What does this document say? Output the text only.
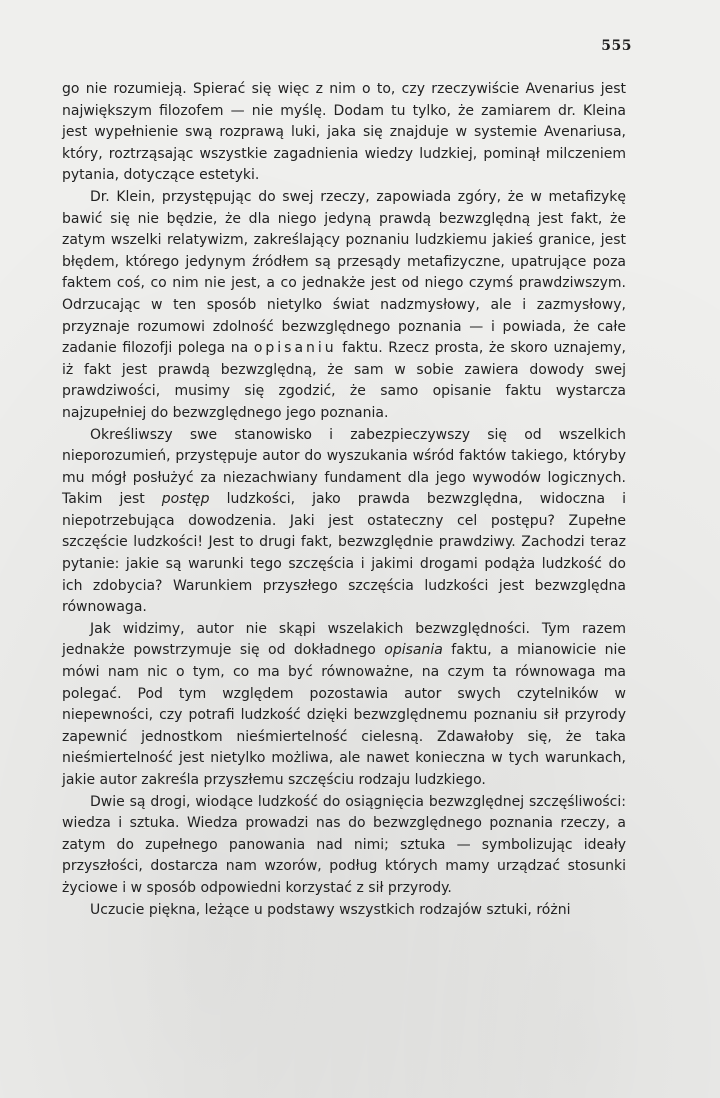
555

go nie rozumieją. Spierać się więc z nim o to, czy rzeczywiście Avenarius jest największym filozofem — nie myślę. Dodam tu tylko, że zamiarem dr. Kleina jest wypełnienie swą rozprawą luki, jaka się znajduje w systemie Avenariusa, który, roztrząsając wszystkie zagadnienia wiedzy ludzkiej, pominął milczeniem pytania, dotyczące estetyki.

Dr. Klein, przystępując do swej rzeczy, zapowiada zgóry, że w metafizykę bawić się nie będzie, że dla niego jedyną prawdą bezwzględną jest fakt, że zatym wszelki relatywizm, zakreślający poznaniu ludzkiemu jakieś granice, jest błędem, którego jedynym źródłem są przesądy metafizyczne, upatrujące poza faktem coś, co nim nie jest, a co jednakże jest od niego czymś prawdziwszym. Odrzucając w ten sposób nietylko świat nadzmysłowy, ale i zazmysłowy, przyznaje rozumowi zdolność bezwzględnego poznania — i powiada, że całe zadanie filozofji polega na opisaniu faktu. Rzecz prosta, że skoro uznajemy, iż fakt jest prawdą bezwzględną, że sam w sobie zawiera dowody swej prawdziwości, musimy się zgodzić, że samo opisanie faktu wystarcza najzupełniej do bezwzględnego jego poznania.

Określiwszy swe stanowisko i zabezpieczywszy się od wszelkich nieporozumień, przystępuje autor do wyszukania wśród faktów takiego, któryby mu mógł posłużyć za niezachwiany fundament dla jego wywodów logicznych. Takim jest postęp ludzkości, jako prawda bezwzględna, widoczna i niepotrzebująca dowodzenia. Jaki jest ostateczny cel postępu? Zupełne szczęście ludzkości! Jest to drugi fakt, bezwzględnie prawdziwy. Zachodzi teraz pytanie: jakie są warunki tego szczęścia i jakimi drogami podąża ludzkość do ich zdobycia? Warunkiem przyszłego szczęścia ludzkości jest bezwzględna równowaga.

Jak widzimy, autor nie skąpi wszelakich bezwzględności. Tym razem jednakże powstrzymuje się od dokładnego opisania faktu, a mianowicie nie mówi nam nic o tym, co ma być równoważne, na czym ta równowaga ma polegać. Pod tym względem pozostawia autor swych czytelników w niepewności, czy potrafi ludzkość dzięki bezwzględnemu poznaniu sił przyrody zapewnić jednostkom nieśmiertelność cielesną. Zdawałoby się, że taka nieśmiertelność jest nietylko możliwa, ale nawet konieczna w tych warunkach, jakie autor zakreśla przyszłemu szczęściu rodzaju ludzkiego.

Dwie są drogi, wiodące ludzkość do osiągnięcia bezwzględnej szczęśliwości: wiedza i sztuka. Wiedza prowadzi nas do bezwzględnego poznania rzeczy, a zatym do zupełnego panowania nad nimi; sztuka — symbolizując ideały przyszłości, dostarcza nam wzorów, podług których mamy urządzać stosunki życiowe i w sposób odpowiedni korzystać z sił przyrody.

Uczucie piękna, leżące u podstawy wszystkich rodzajów sztuki, różni
